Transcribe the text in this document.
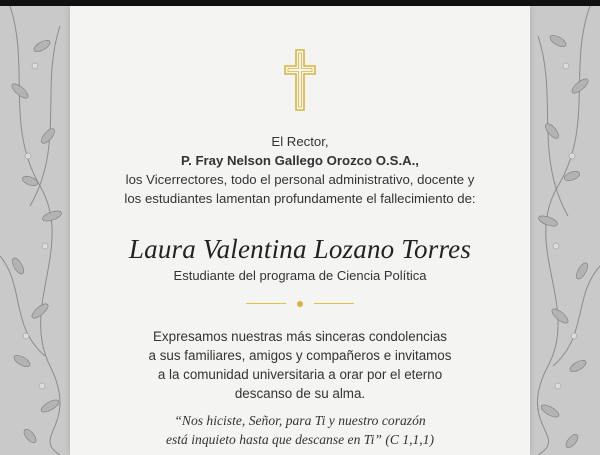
El Rector,
P. Fray Nelson Gallego Orozco O.S.A.,
los Vicerrectores, todo el personal administrativo, docente y
los estudiantes lamentan profundamente el fallecimiento de:
Laura Valentina Lozano Torres
Estudiante del programa de Ciencia Política
Expresamos nuestras más sinceras condolencias
a sus familiares, amigos y compañeros e invitamos
a la comunidad universitaria a orar por el eterno
descanso de su alma.
“Nos hiciste, Señor, para Ti y nuestro corazón
está inquieto hasta que descanse en Ti” (C 1,1,1)
